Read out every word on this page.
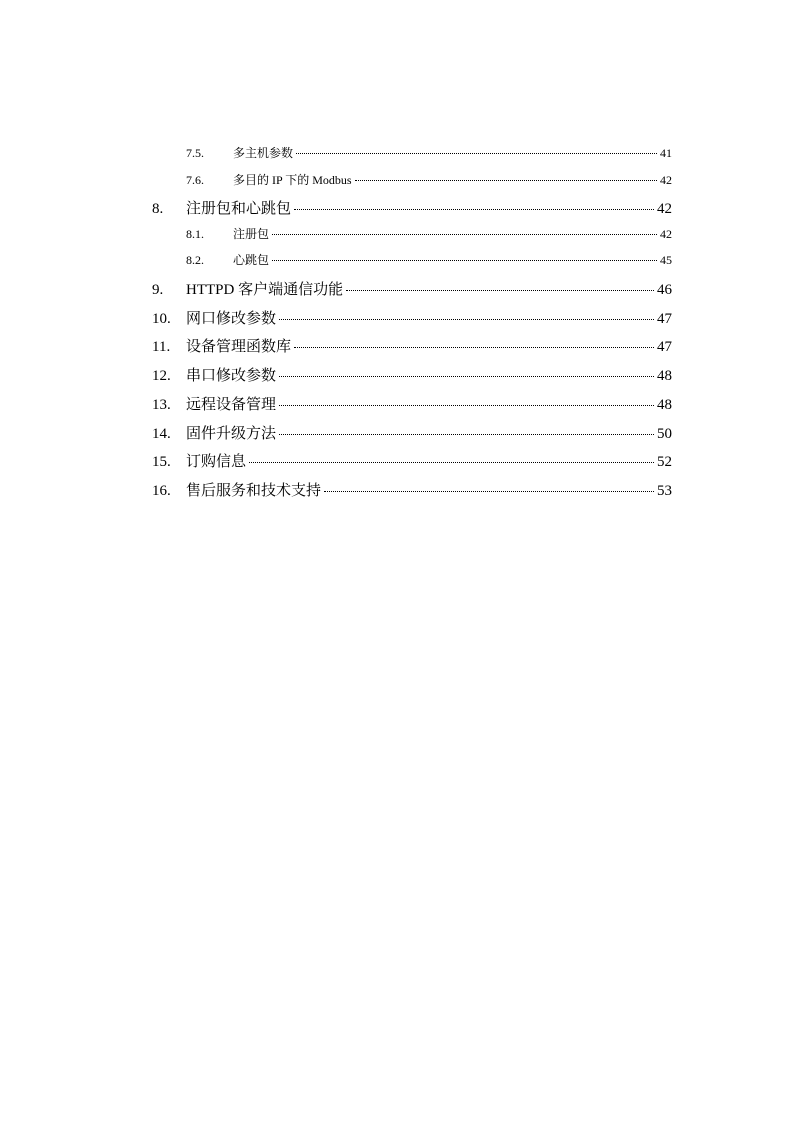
7.5.	多主机参数	41
7.6.	多目的 IP 下的 Modbus	42
8.	注册包和心跳包	42
8.1.	注册包	42
8.2.	心跳包	45
9.	HTTPD 客户端通信功能	46
10.	网口修改参数	47
11.	设备管理函数库	47
12.	串口修改参数	48
13.	远程设备管理	48
14.	固件升级方法	50
15.	订购信息	52
16.	售后服务和技术支持	53
